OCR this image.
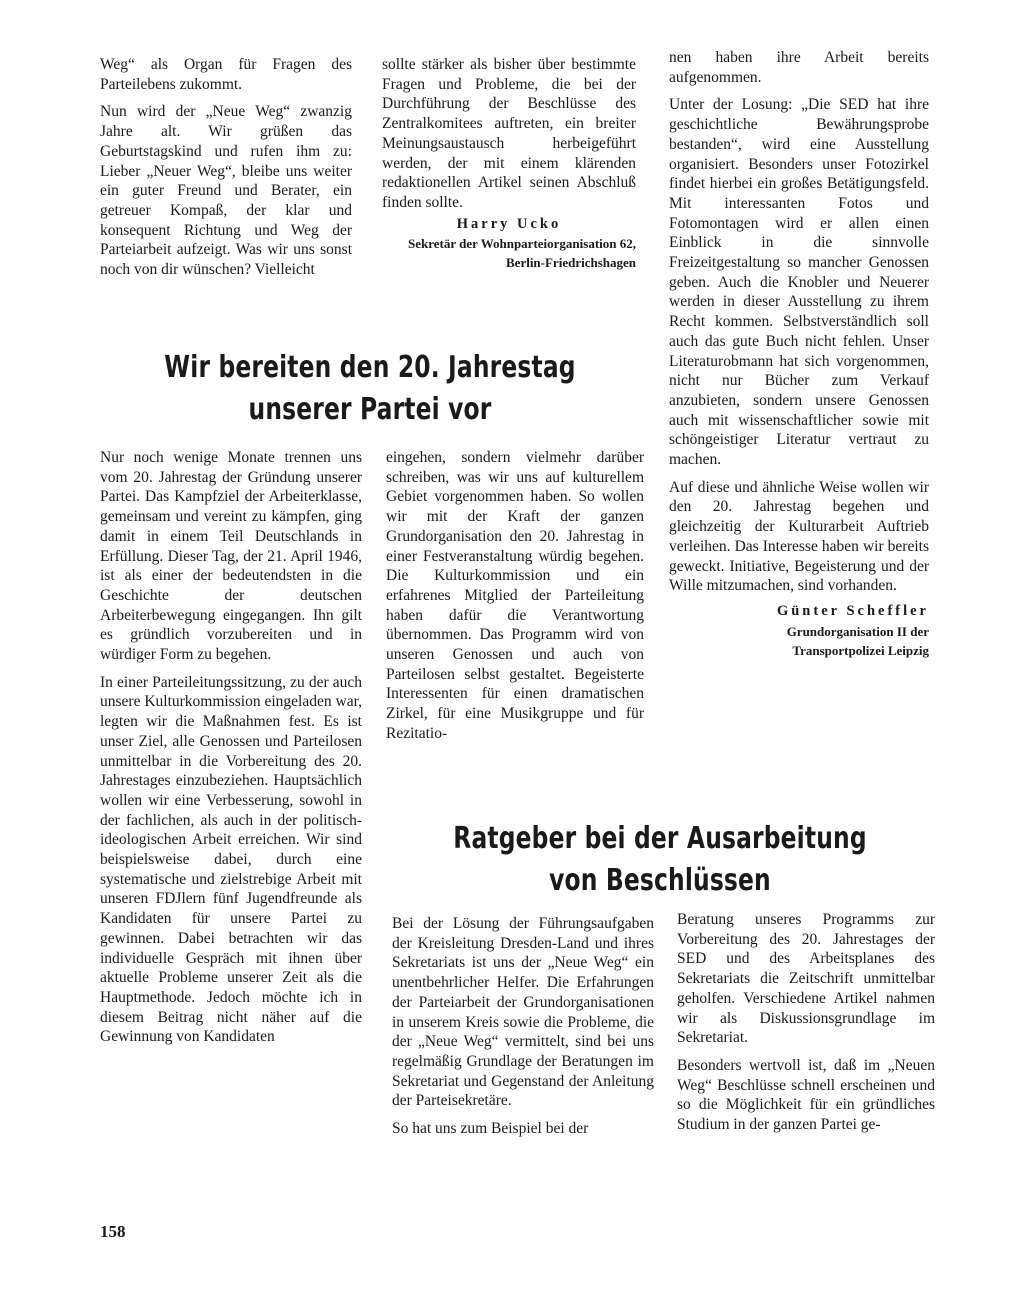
Weg“ als Organ für Fragen des Parteilebens zukommt.

Nun wird der „Neue Weg“ zwanzig Jahre alt. Wir grüßen das Geburtstagskind und rufen ihm zu: Lieber „Neuer Weg“, bleibe uns weiter ein guter Freund und Berater, ein getreuer Kompaß, der klar und konsequent Richtung und Weg der Parteiarbeit aufzeigt. Was wir uns sonst noch von dir wünschen? Vielleicht

sollte stärker als bisher über bestimmte Fragen und Probleme, die bei der Durchführung der Beschlüsse des Zentralkomitees auftreten, ein breiter Meinungsaustausch herbeigeführt werden, der mit einem klärenden redaktionellen Artikel seinen Abschluß finden sollte.

Harry Ucko
Sekretär der Wohnparteiorganisation 62,
Berlin-Friedrichshagen

nen haben ihre Arbeit bereits aufgenommen.

Unter der Losung: „Die SED hat ihre geschichtliche Bewährungsprobe bestanden“, wird eine Ausstellung organisiert. Besonders unser Fotozirkel findet hierbei ein großes Betätigungsfeld. Mit interessanten Fotos und Fotomontagen wird er allen einen Einblick in die sinnvolle Freizeitgestaltung so mancher Genossen geben. Auch die Knobler und Neuerer werden in dieser Ausstellung zu ihrem Recht kommen. Selbstverständlich soll auch das gute Buch nicht fehlen. Unser Literaturobmann hat sich vorgenommen, nicht nur Bücher zum Verkauf anzubieten, sondern unsere Genossen auch mit wissenschaftlicher sowie mit schöngeistiger Literatur vertraut zu machen.

Auf diese und ähnliche Weise wollen wir den 20. Jahrestag begehen und gleichzeitig der Kulturarbeit Auftrieb verleihen. Das Interesse haben wir bereits geweckt. Initiative, Begeisterung und der Wille mitzumachen, sind vorhanden.

Günter Scheffler
Grundorganisation II der
Transportpolizei Leipzig
Wir bereiten den 20. Jahrestag
unserer Partei vor

Nur noch wenige Monate trennen uns vom 20. Jahrestag der Gründung unserer Partei. Das Kampfziel der Arbeiterklasse, gemeinsam und vereint zu kämpfen, ging damit in einem Teil Deutschlands in Erfüllung. Dieser Tag, der 21. April 1946, ist als einer der bedeutendsten in die Geschichte der deutschen Arbeiterbewegung eingegangen. Ihn gilt es gründlich vorzubereiten und in würdiger Form zu begehen.

In einer Parteileitungssitzung, zu der auch unsere Kulturkommission eingeladen war, legten wir die Maßnahmen fest. Es ist unser Ziel, alle Genossen und Parteilosen unmittelbar in die Vorbereitung des 20. Jahrestages einzubeziehen. Hauptsächlich wollen wir eine Verbesserung, sowohl in der fachlichen, als auch in der politisch-ideologischen Arbeit erreichen. Wir sind beispielsweise dabei, durch eine systematische und zielstrebige Arbeit mit unseren FDJlern fünf Jugendfreunde als Kandidaten für unsere Partei zu gewinnen. Dabei betrachten wir das individuelle Gespräch mit ihnen über aktuelle Probleme unserer Zeit als die Hauptmethode. Jedoch möchte ich in diesem Beitrag nicht näher auf die Gewinnung von Kandidaten

eingehen, sondern vielmehr darüber schreiben, was wir uns auf kulturellem Gebiet vorgenommen haben. So wollen wir mit der Kraft der ganzen Grundorganisation den 20. Jahrestag in einer Festveranstaltung würdig begehen. Die Kulturkommission und ein erfahrenes Mitglied der Parteileitung haben dafür die Verantwortung übernommen. Das Programm wird von unseren Genossen und auch von Parteilosen selbst gestaltet. Begeisterte Interessenten für einen dramatischen Zirkel, für eine Musikgruppe und für Rezitatio-

Ratgeber bei der Ausarbeitung
von Beschlüssen

Bei der Lösung der Führungsaufgaben der Kreisleitung Dresden-Land und ihres Sekretariats ist uns der „Neue Weg“ ein unentbehrlicher Helfer. Die Erfahrungen der Parteiarbeit der Grundorganisationen in unserem Kreis sowie die Probleme, die der „Neue Weg“ vermittelt, sind bei uns regelmäßig Grundlage der Beratungen im Sekretariat und Gegenstand der Anleitung der Parteisekretäre.

So hat uns zum Beispiel bei der

Beratung unseres Programms zur Vorbereitung des 20. Jahrestages der SED und des Arbeitsplanes des Sekretariats die Zeitschrift unmittelbar geholfen. Verschiedene Artikel nahmen wir als Diskussionsgrundlage im Sekretariat.

Besonders wertvoll ist, daß im „Neuen Weg“ Beschlüsse schnell erscheinen und so die Möglichkeit für ein gründliches Studium in der ganzen Partei ge-

158
